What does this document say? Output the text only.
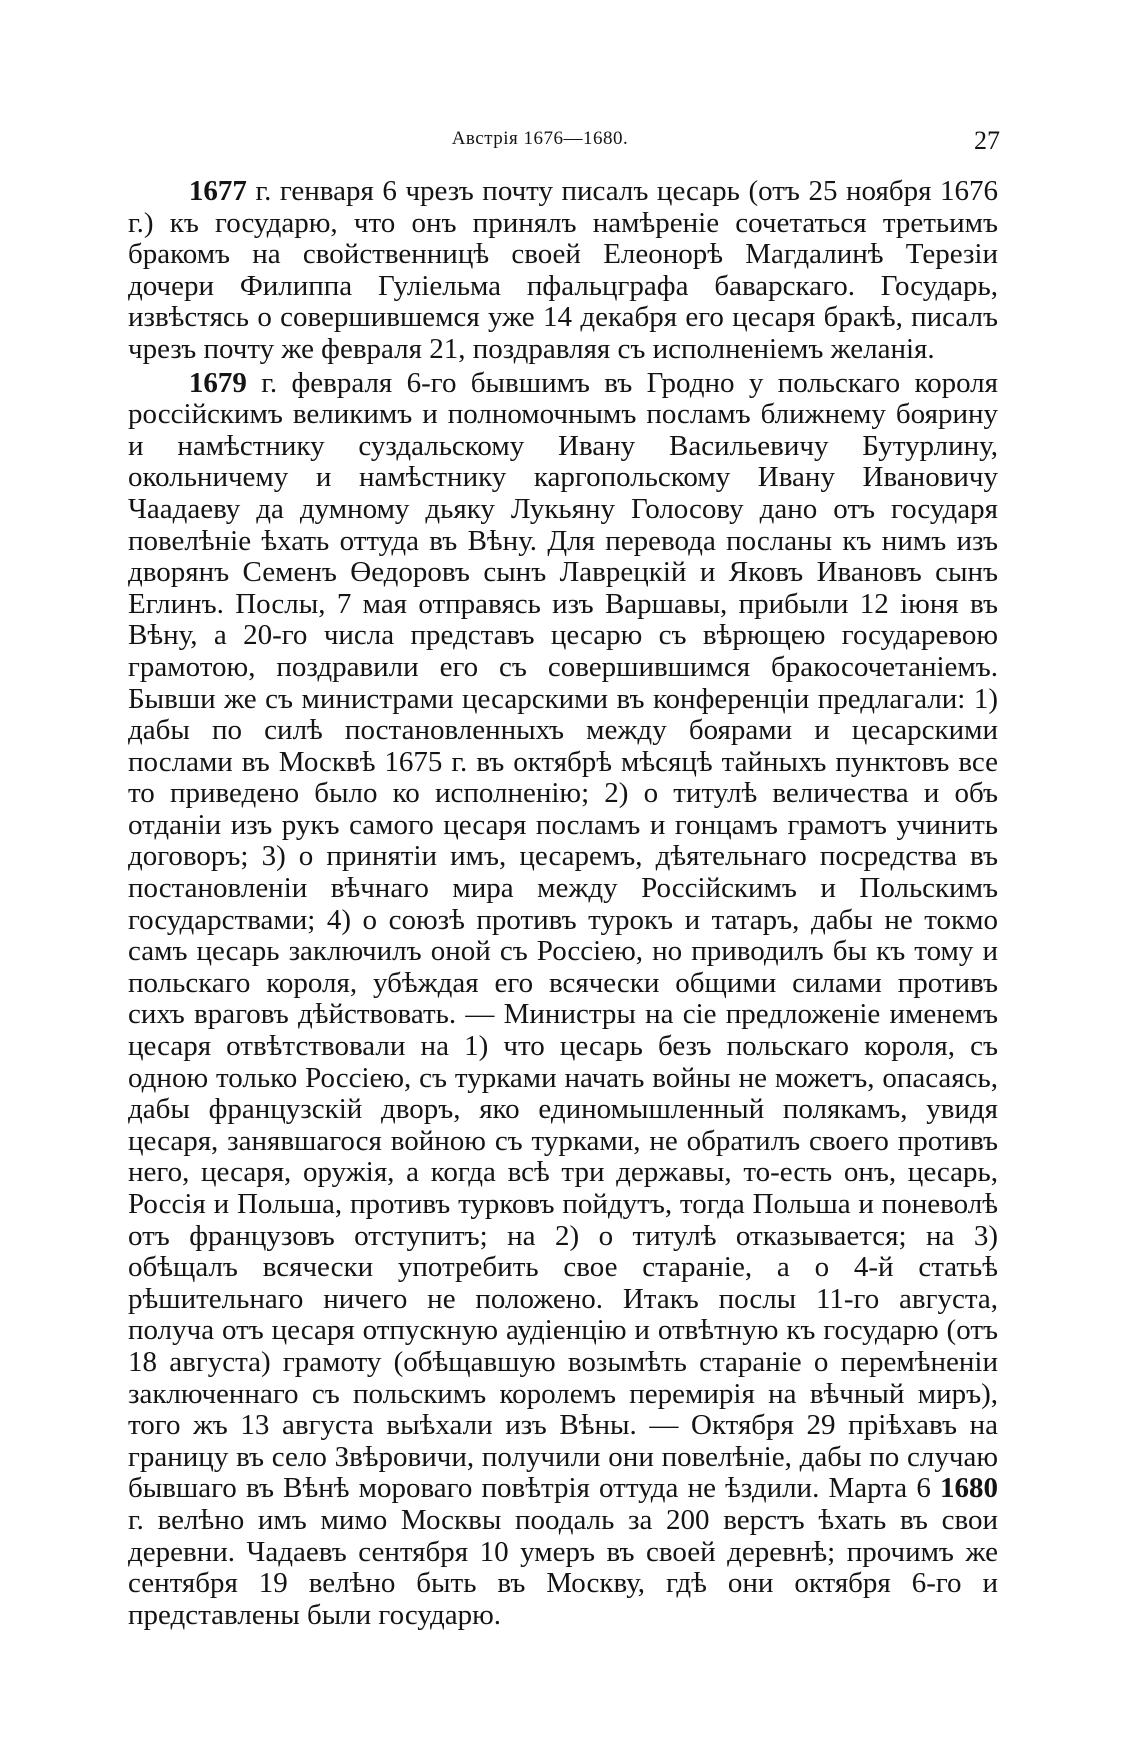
Австрія 1676—1680.	27

1677 г. генваря 6 чрезъ почту писалъ цесарь (отъ 25 ноября 1676 г.) къ государю, что онъ принялъ намѣреніе сочетаться третьимъ бракомъ на свойственницѣ своей Елеонорѣ Магдалинѣ Терезіи дочери Филиппа Гуліельма пфальцграфа баварскаго. Государь, извѣстясь о совершившемся уже 14 декабря его цесаря бракѣ, писалъ чрезъ почту же февраля 21, поздравляя съ исполненіемъ желанія.

1679 г. февраля 6-го бывшимъ въ Гродно у польскаго короля россійскимъ великимъ и полномочнымъ посламъ ближнему боярину и намѣстнику суздальскому Ивану Васильевичу Бутурлину, окольничему и намѣстнику каргопольскому Ивану Ивановичу Чаадаеву да думному дьяку Лукьяну Голосову дано отъ государя повелѣніе ѣхать оттуда въ Вѣну. Для перевода посланы къ нимъ изъ дворянъ Семенъ Өедоровъ сынъ Лаврецкій и Яковъ Ивановъ сынъ Еглинъ. Послы, 7 мая отправясь изъ Варшавы, прибыли 12 іюня въ Вѣну, а 20-го числа представъ цесарю съ вѣрющею государевою грамотою, поздравили его съ совершившимся бракосочетаніемъ. Бывши же съ министрами цесарскими въ конференціи предлагали: 1) дабы по силѣ постановленныхъ между боярами и цесарскими послами въ Москвѣ 1675 г. въ октябрѣ мѣсяцѣ тайныхъ пунктовъ все то приведено было ко исполненію; 2) о титулѣ величества и объ отданіи изъ рукъ самого цесаря посламъ и гонцамъ грамотъ учинить договоръ; 3) о принятіи имъ, цесаремъ, дѣятельнаго посредства въ постановленіи вѣчнаго мира между Россійскимъ и Польскимъ государствами; 4) о союзѣ противъ турокъ и татаръ, дабы не токмо самъ цесарь заключилъ оной съ Россіею, но приводилъ бы къ тому и польскаго короля, убѣждая его всячески общими силами противъ сихъ враговъ дѣйствовать. — Министры на сіе предложеніе именемъ цесаря отвѣтствовали на 1) что цесарь безъ польскаго короля, съ одною только Россіею, съ турками начать войны не можетъ, опасаясь, дабы французскій дворъ, яко единомышленный полякамъ, увидя цесаря, занявшагося войною съ турками, не обратилъ своего противъ него, цесаря, оружія, а когда всѣ три державы, то-есть онъ, цесарь, Россія и Польша, противъ турковъ пойдутъ, тогда Польша и поневолѣ отъ французовъ отступитъ; на 2) о титулѣ отказывается; на 3) обѣщалъ всячески употребить свое стараніе, а о 4-й статьѣ рѣшительнаго ничего не положено. Итакъ послы 11-го августа, получа отъ цесаря отпускную аудіенцію и отвѣтную къ государю (отъ 18 августа) грамоту (обѣщавшую возымѣть стараніе о перемѣненіи заключеннаго съ польскимъ королемъ перемирія на вѣчный миръ), того жъ 13 августа выѣхали изъ Вѣны. — Октября 29 пріѣхавъ на границу въ село Звѣровичи, получили они повелѣніе, дабы по случаю бывшаго въ Вѣнѣ мороваго повѣтрія оттуда не ѣздили. Марта 6 1680 г. велѣно имъ мимо Москвы поодаль за 200 верстъ ѣхать въ свои деревни. Чадаевъ сентября 10 умеръ въ своей деревнѣ; прочимъ же сентября 19 велѣно быть въ Москву, гдѣ они октября 6-го и представлены были государю.
